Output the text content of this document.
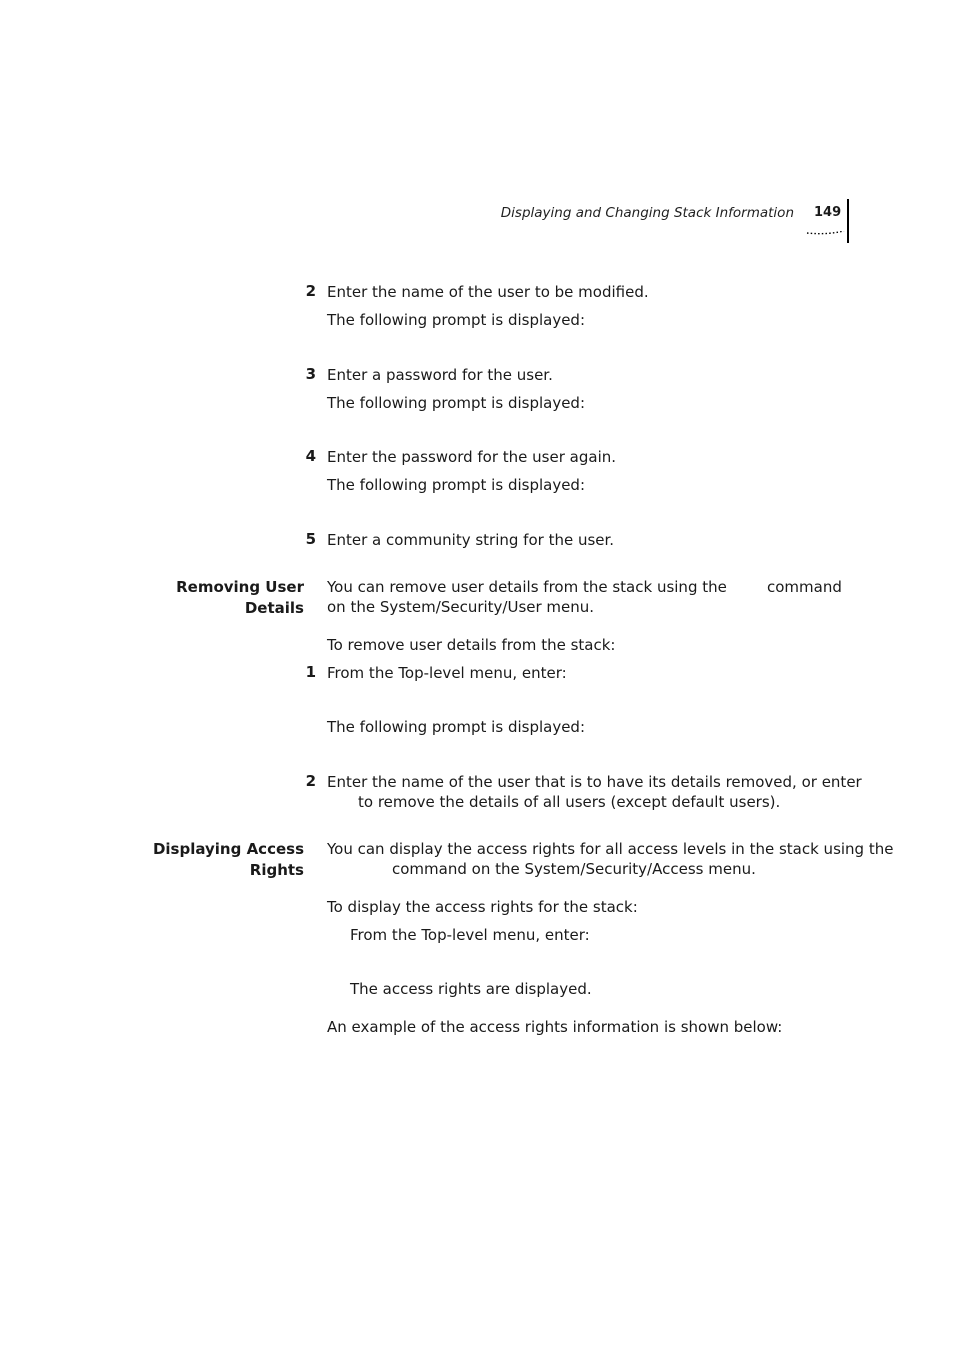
Displaying and Changing Stack Information 149
2 Enter the name of the user to be modified.
The following prompt is displayed:
3 Enter a password for the user.
The following prompt is displayed:
4 Enter the password for the user again.
The following prompt is displayed:
5 Enter a community string for the user.
Removing User
Details
You can remove user details from the stack using the	command
on the System/Security/User menu.
To remove user details from the stack:
1 From the Top-level menu, enter:
The following prompt is displayed:
2 Enter the name of the user that is to have its details removed, or enter
to remove the details of all users (except default users).
Displaying Access
Rights
You can display the access rights for all access levels in the stack using the
command on the System/Security/Access menu.
To display the access rights for the stack:
From the Top-level menu, enter:
The access rights are displayed.
An example of the access rights information is shown below:
